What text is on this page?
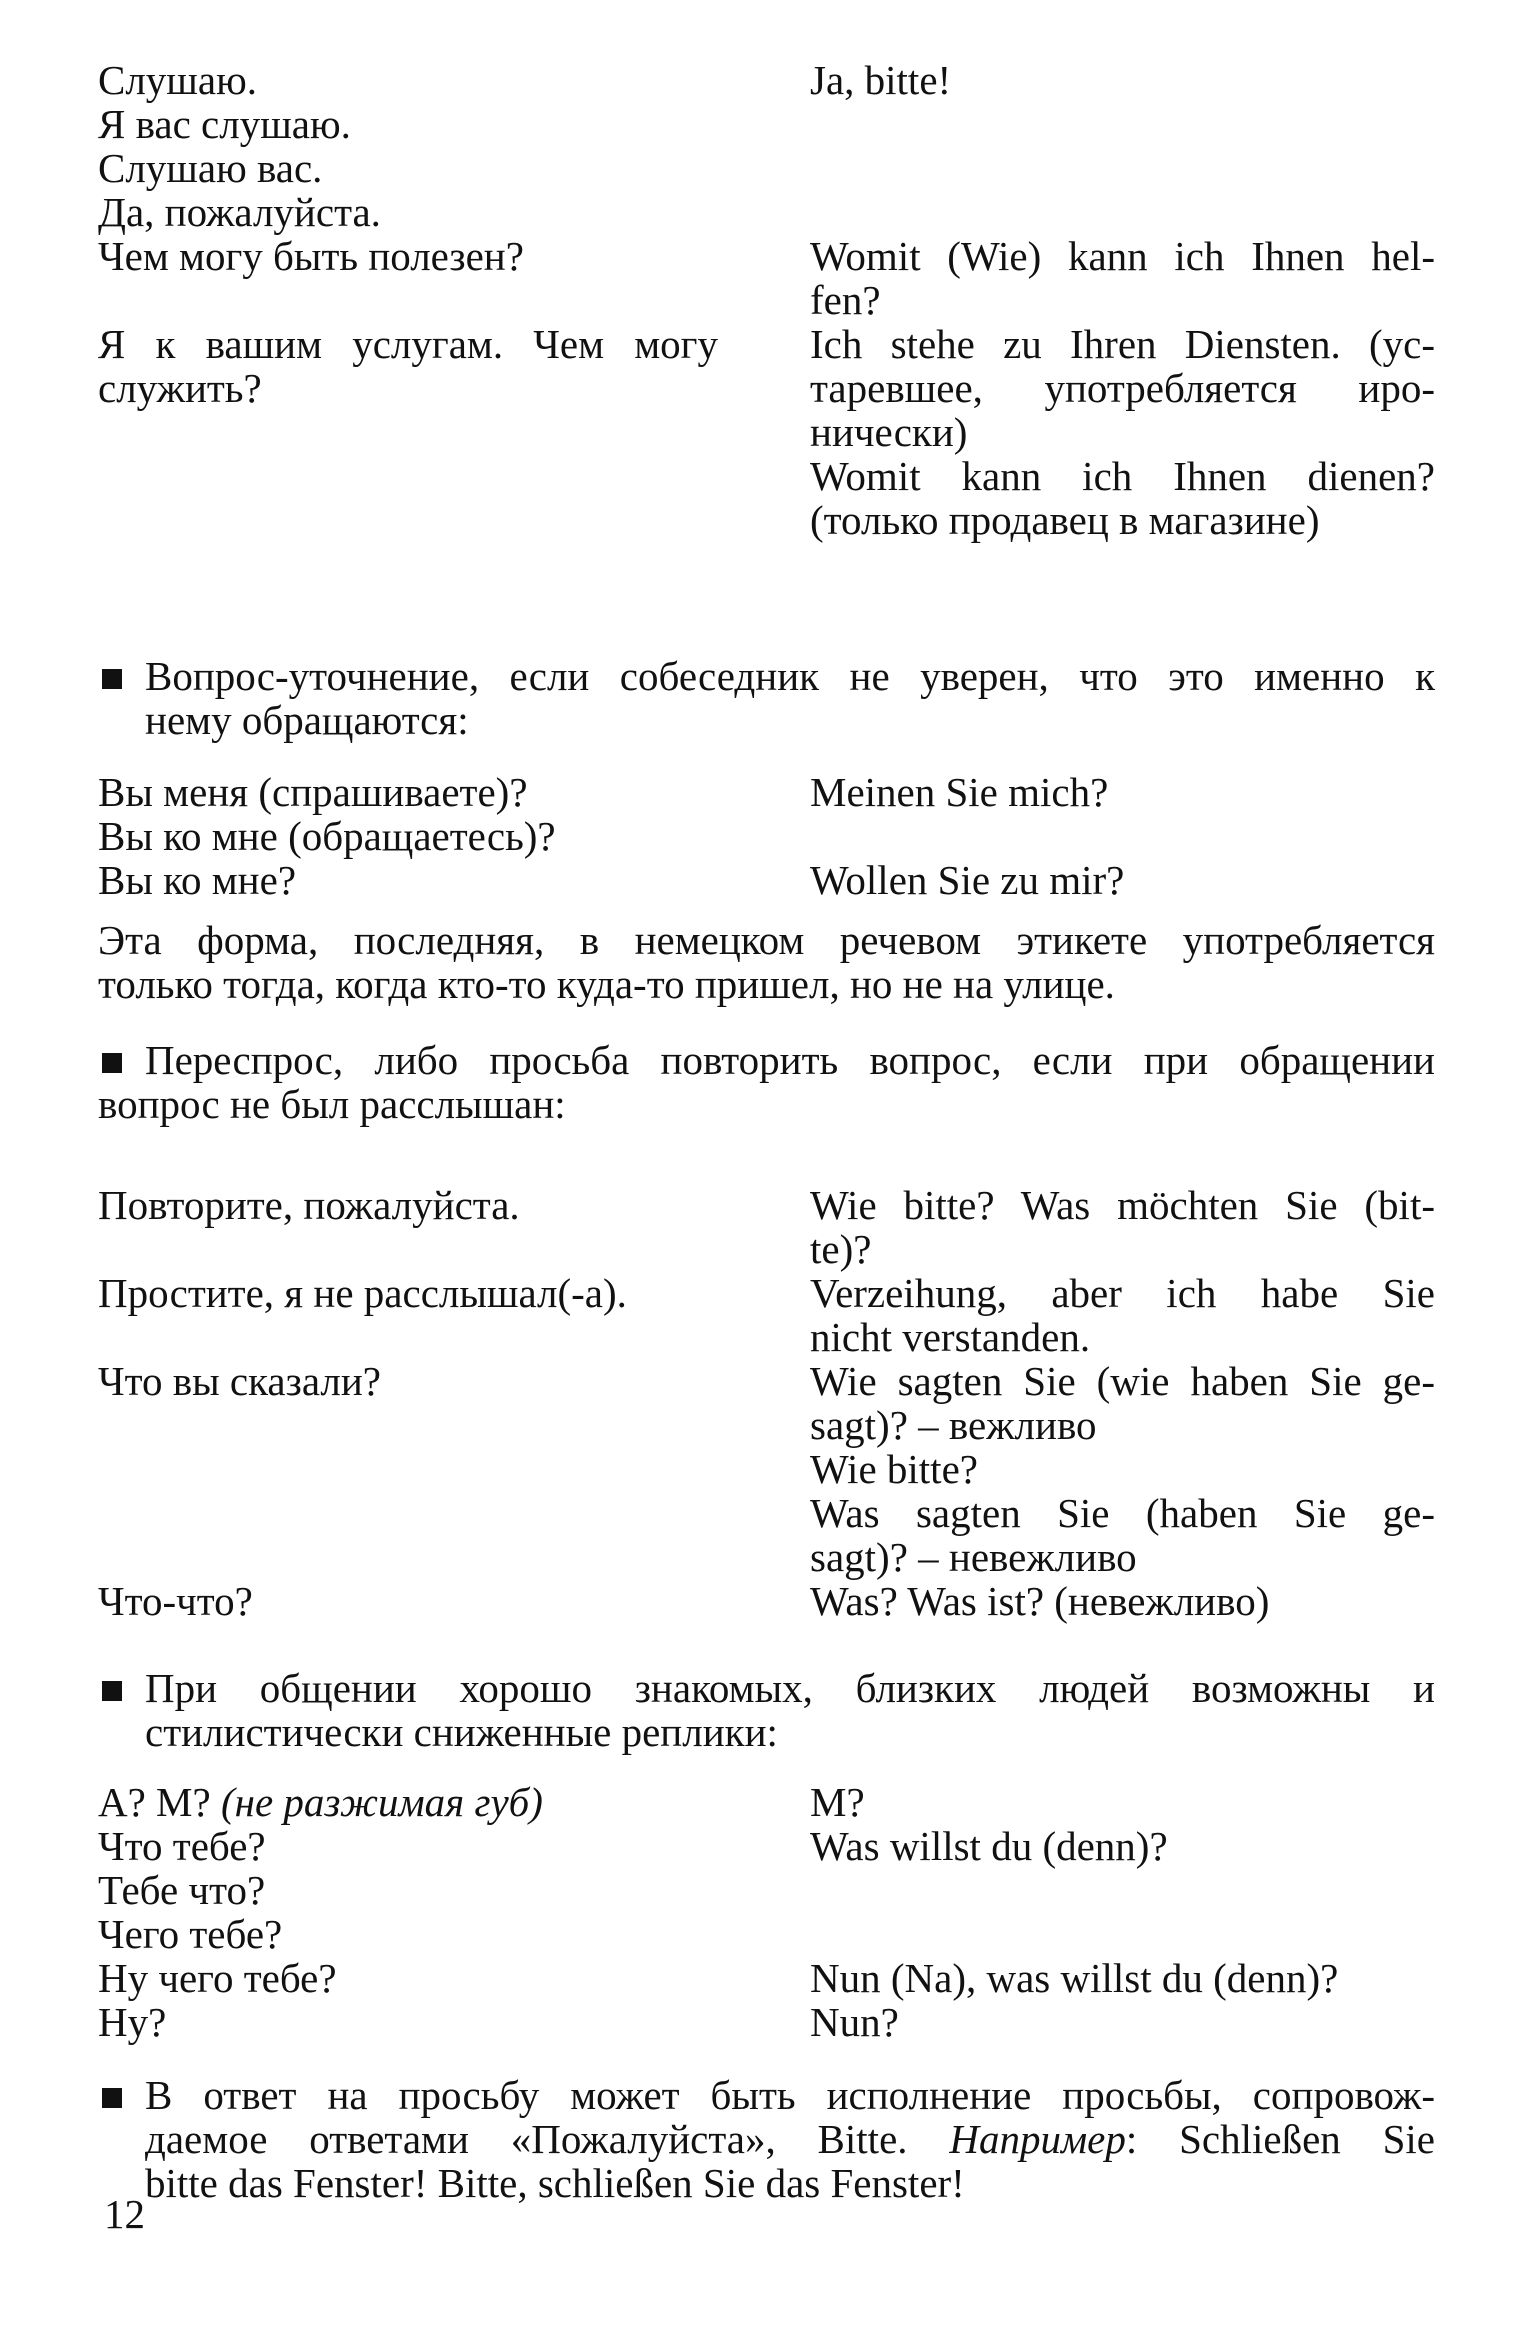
Слушаю.
Я вас слушаю.
Слушаю вас.
Да, пожалуйста.
Чем могу быть полезен?
Я к вашим услугам. Чем могу
служить?
Ja, bitte!
Womit (Wie) kann ich Ihnen hel-
fen?
Ich stehe zu Ihren Diensten. (ус-
таревшее, употребляется иро-
нически)
Womit kann ich Ihnen dienen?
(только продавец в магазине)
Вопрос-уточнение, если собеседник не уверен, что это именно к
нему обращаются:
Вы меня (спрашиваете)?
Вы ко мне (обращаетесь)?
Вы ко мне?
Meinen Sie mich?
Wollen Sie zu mir?
Эта форма, последняя, в немецком речевом этикете употребляется
только тогда, когда кто-то куда-то пришел, но не на улице.
Переспрос, либо просьба повторить вопрос, если при обращении
вопрос не был расслышан:
Повторите, пожалуйста.
Простите, я не расслышал(-а).
Что вы сказали?
Что-что?
Wie bitte? Was möchten Sie (bit-
te)?
Verzeihung, aber ich habe Sie
nicht verstanden.
Wie sagten Sie (wie haben Sie ge-
sagt)? – вежливо
Wie bitte?
Was sagten Sie (haben Sie ge-
sagt)? – невежливо
Was? Was ist? (невежливо)
При общении хорошо знакомых, близких людей возможны и
стилистически сниженные реплики:
А? М? (не разжимая губ)
Что тебе?
Тебе что?
Чего тебе?
Ну чего тебе?
Ну?
М?
Was willst du (denn)?
Nun (Na), was willst du (denn)?
Nun?
В ответ на просьбу может быть исполнение просьбы, сопровож-
даемое ответами «Пожалуйста», Bitte. Например: Schließen Sie
bitte das Fenster! Bitte, schließen Sie das Fenster!
12
